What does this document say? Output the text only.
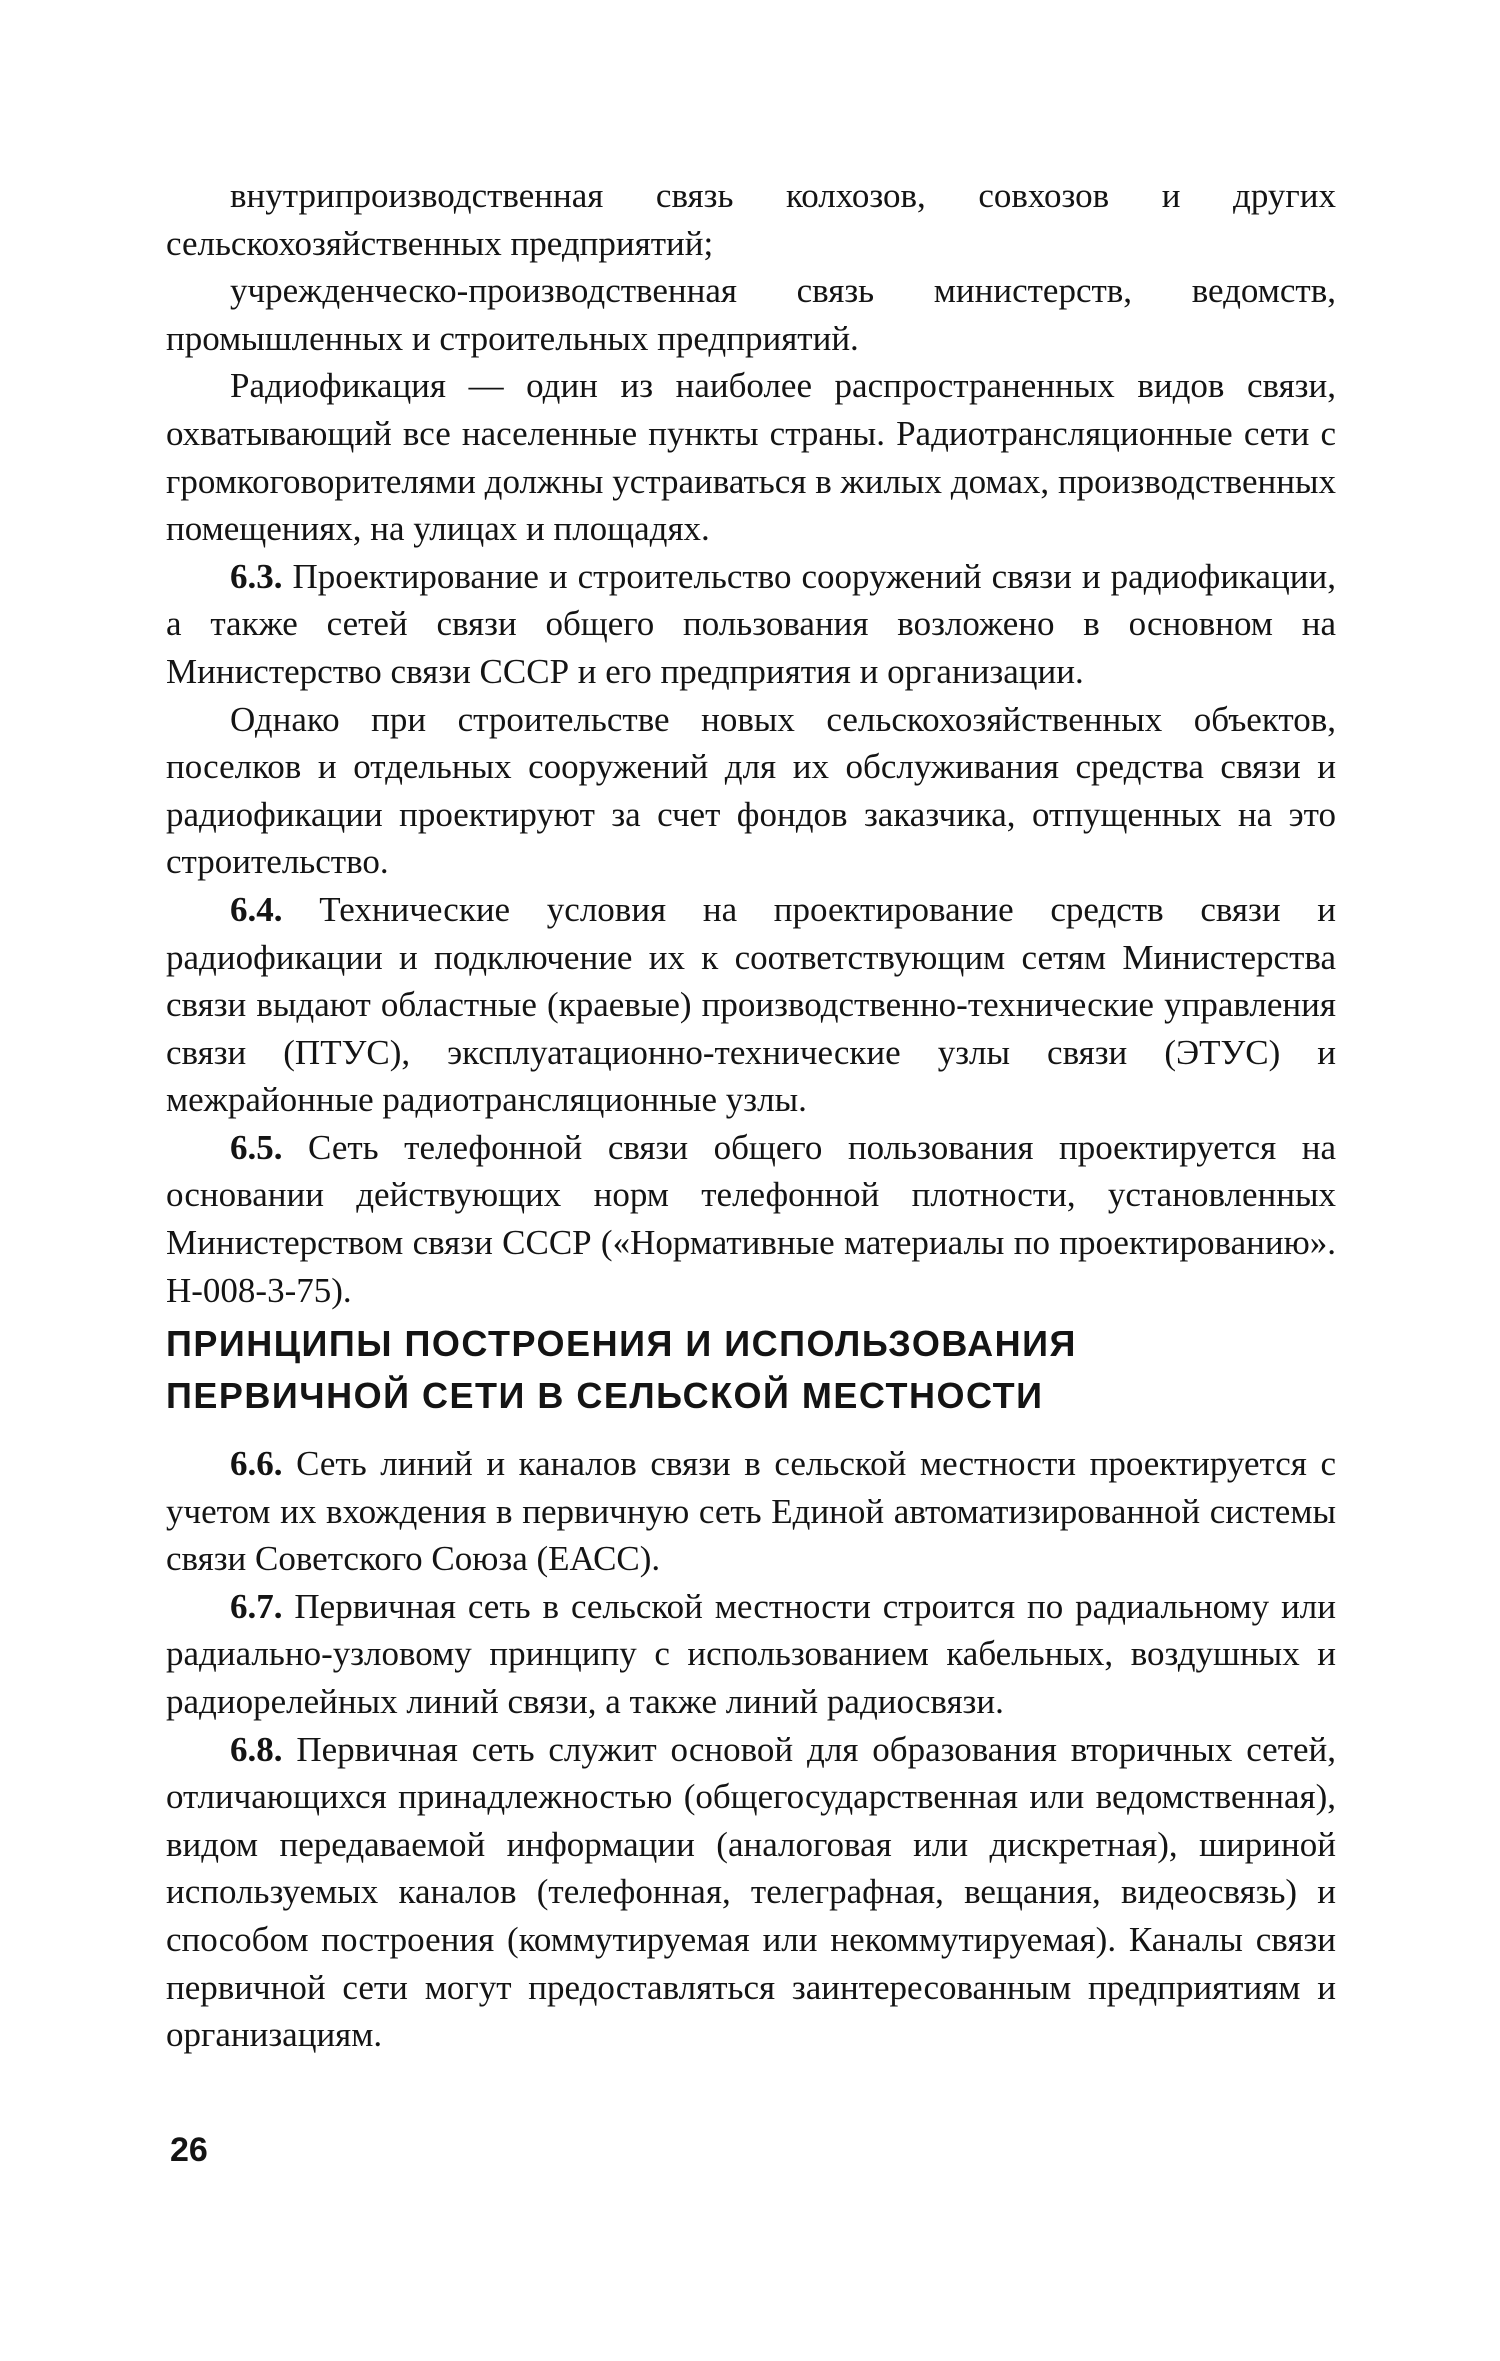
внутрипроизводственная связь колхозов, совхозов и других сельскохозяйственных предприятий;

учрежденческо-производственная связь министерств, ведомств, промышленных и строительных предприятий.

Радиофикация — один из наиболее распространенных видов связи, охватывающий все населенные пункты страны. Радиотрансляционные сети с громкоговорителями должны устраиваться в жилых домах, производственных помещениях, на улицах и площадях.

6.3. Проектирование и строительство сооружений связи и радиофикации, а также сетей связи общего пользования возложено в основном на Министерство связи СССР и его предприятия и организации.

Однако при строительстве новых сельскохозяйственных объектов, поселков и отдельных сооружений для их обслуживания средства связи и радиофикации проектируют за счет фондов заказчика, отпущенных на это строительство.

6.4. Технические условия на проектирование средств связи и радиофикации и подключение их к соответствующим сетям Министерства связи выдают областные (краевые) производственно-технические управления связи (ПТУС), эксплуатационно-технические узлы связи (ЭТУС) и межрайонные радиотрансляционные узлы.

6.5. Сеть телефонной связи общего пользования проектируется на основании действующих норм телефонной плотности, установленных Министерством связи СССР («Нормативные материалы по проектированию». Н-008-3-75).

ПРИНЦИПЫ ПОСТРОЕНИЯ И ИСПОЛЬЗОВАНИЯ
ПЕРВИЧНОЙ СЕТИ В СЕЛЬСКОЙ МЕСТНОСТИ

6.6. Сеть линий и каналов связи в сельской местности проектируется с учетом их вхождения в первичную сеть Единой автоматизированной системы связи Советского Союза (ЕАСС).

6.7. Первичная сеть в сельской местности строится по радиальному или радиально-узловому принципу с использованием кабельных, воздушных и радиорелейных линий связи, а также линий радиосвязи.

6.8. Первичная сеть служит основой для образования вторичных сетей, отличающихся принадлежностью (общегосударственная или ведомственная), видом передаваемой информации (аналоговая или дискретная), шириной используемых каналов (телефонная, телеграфная, вещания, видеосвязь) и способом построения (коммутируемая или некоммутируемая). Каналы связи первичной сети могут предоставляться заинтересованным предприятиям и организациям.

26
